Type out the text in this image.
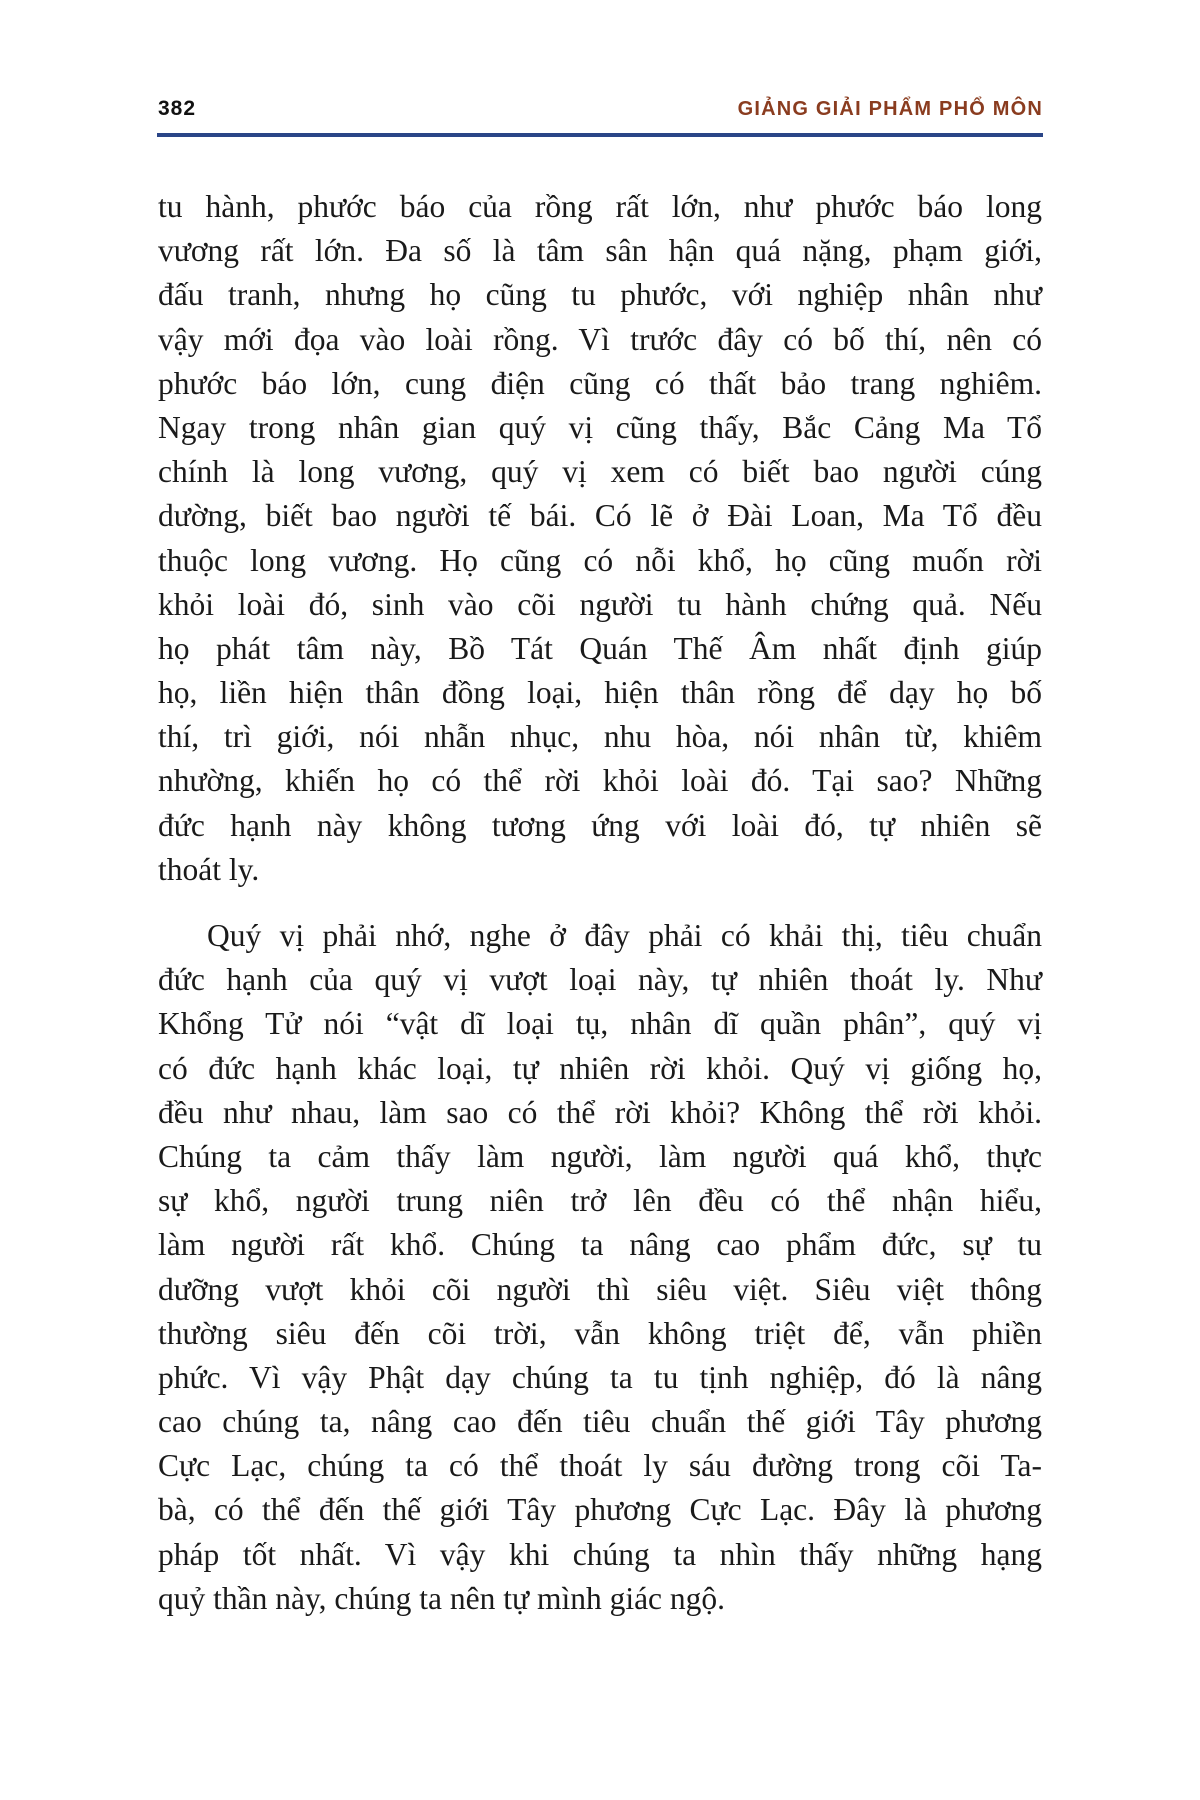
382	GIẢNG GIẢI PHẨM PHỔ MÔN

tu hành, phước báo của rồng rất lớn, như phước báo long
vương rất lớn. Đa số là tâm sân hận quá nặng, phạm giới,
đấu tranh, nhưng họ cũng tu phước, với nghiệp nhân như
vậy mới đọa vào loài rồng. Vì trước đây có bố thí, nên có
phước báo lớn, cung điện cũng có thất bảo trang nghiêm.
Ngay trong nhân gian quý vị cũng thấy, Bắc Cảng Ma Tổ
chính là long vương, quý vị xem có biết bao người cúng
dường, biết bao người tế bái. Có lẽ ở Đài Loan, Ma Tổ đều
thuộc long vương. Họ cũng có nỗi khổ, họ cũng muốn rời
khỏi loài đó, sinh vào cõi người tu hành chứng quả. Nếu
họ phát tâm này, Bồ Tát Quán Thế Âm nhất định giúp
họ, liền hiện thân đồng loại, hiện thân rồng để dạy họ bố
thí, trì giới, nói nhẫn nhục, nhu hòa, nói nhân từ, khiêm
nhường, khiến họ có thể rời khỏi loài đó. Tại sao? Những
đức hạnh này không tương ứng với loài đó, tự nhiên sẽ
thoát ly.

Quý vị phải nhớ, nghe ở đây phải có khải thị, tiêu chuẩn
đức hạnh của quý vị vượt loại này, tự nhiên thoát ly. Như
Khổng Tử nói “vật dĩ loại tụ, nhân dĩ quần phân”, quý vị
có đức hạnh khác loại, tự nhiên rời khỏi. Quý vị giống họ,
đều như nhau, làm sao có thể rời khỏi? Không thể rời khỏi.
Chúng ta cảm thấy làm người, làm người quá khổ, thực
sự khổ, người trung niên trở lên đều có thể nhận hiểu,
làm người rất khổ. Chúng ta nâng cao phẩm đức, sự tu
dưỡng vượt khỏi cõi người thì siêu việt. Siêu việt thông
thường siêu đến cõi trời, vẫn không triệt để, vẫn phiền
phức. Vì vậy Phật dạy chúng ta tu tịnh nghiệp, đó là nâng
cao chúng ta, nâng cao đến tiêu chuẩn thế giới Tây phương
Cực Lạc, chúng ta có thể thoát ly sáu đường trong cõi Ta-
bà, có thể đến thế giới Tây phương Cực Lạc. Đây là phương
pháp tốt nhất. Vì vậy khi chúng ta nhìn thấy những hạng
quỷ thần này, chúng ta nên tự mình giác ngộ.
